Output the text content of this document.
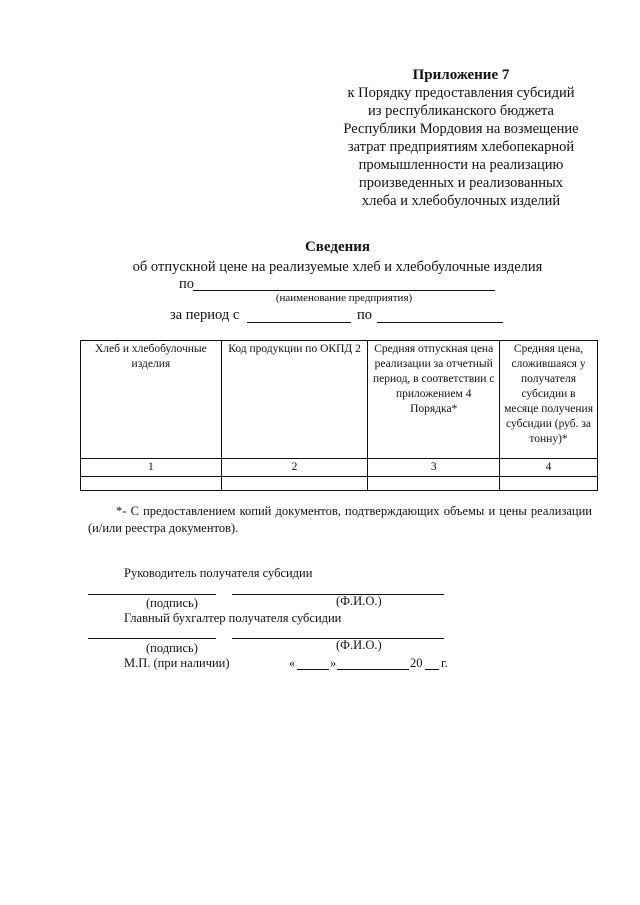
Приложение 7
к Порядку предоставления субсидий
из республиканского бюджета
Республики Мордовия на возмещение
затрат предприятиям хлебопекарной
промышленности на реализацию
произведенных и реализованных
хлеба и хлебобулочных изделий
Сведения
об отпускной цене на реализуемые хлеб и хлебобулочные изделия
по
(наименование предприятия)
за период с	по
Хлеб и хлебобулочные изделия	Код продукции по ОКПД 2	Средняя отпускная цена реализации за отчетный период, в соответствии с приложением 4 Порядка*	Средняя цена, сложившаяся у получателя субсидии в месяце получения субсидии (руб. за тонну)*
1	2	3	4

*- С предоставлением копий документов, подтверждающих объемы и цены реализации (и/или реестра документов).
Руководитель получателя субсидии
(подпись)	(Ф.И.О.)
Главный бухгалтер получателя субсидии
(подпись)	(Ф.И.О.)
М.П. (при наличии)	«	»	20 г.
